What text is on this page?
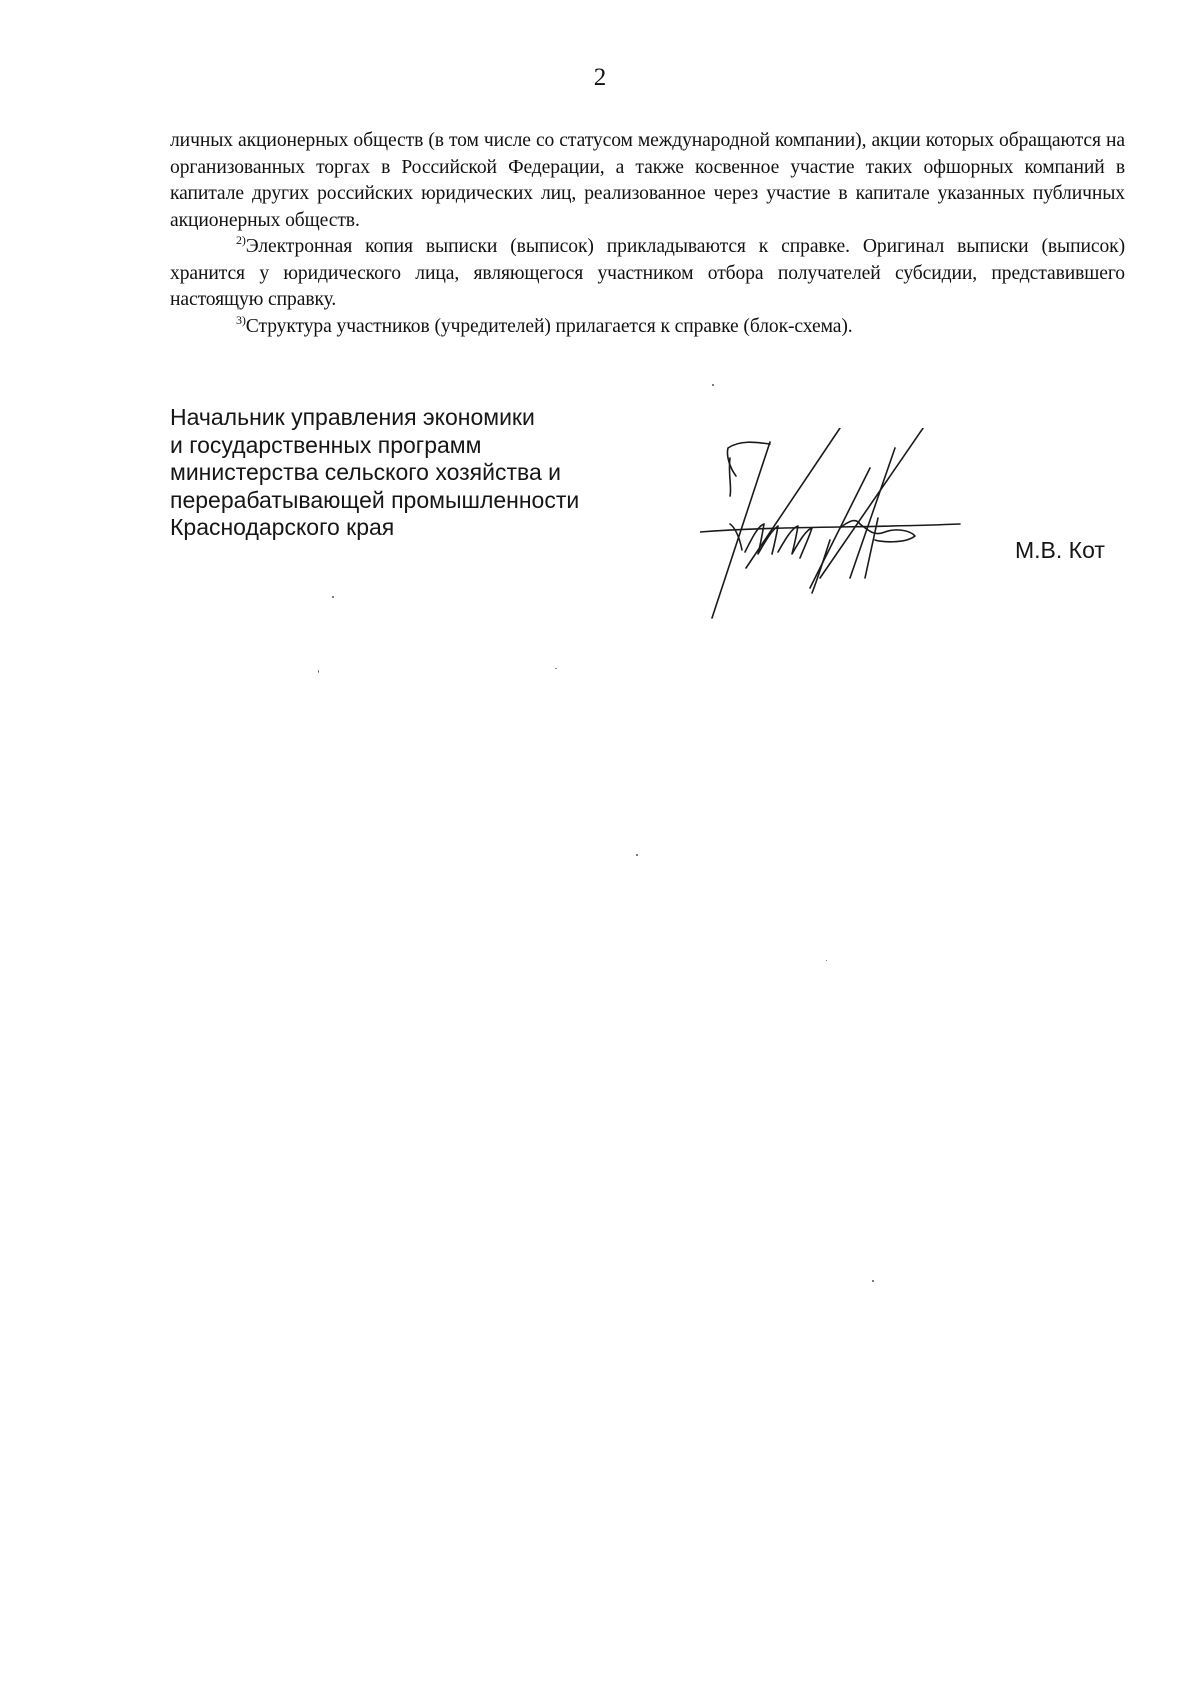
2

личных акционерных обществ (в том числе со статусом международной компании), акции которых обращаются на организованных торгах в Российской Федерации, а также косвенное участие таких офшорных компаний в капитале других российских юридических лиц, реализованное через участие в капитале указанных публичных акционерных обществ.

$^{2)}$Электронная копия выписки (выписок) прикладываются к справке. Оригинал выписки (выписок) хранится у юридического лица, являющегося участником отбора получателей субсидии, представившего настоящую справку.

$^{3)}$Структура участников (учредителей) прилагается к справке (блок-схема).

Начальник управления экономики
и государственных программ
министерства сельского хозяйства и
перерабатывающей промышленности
Краснодарского края
М.В. Кот
